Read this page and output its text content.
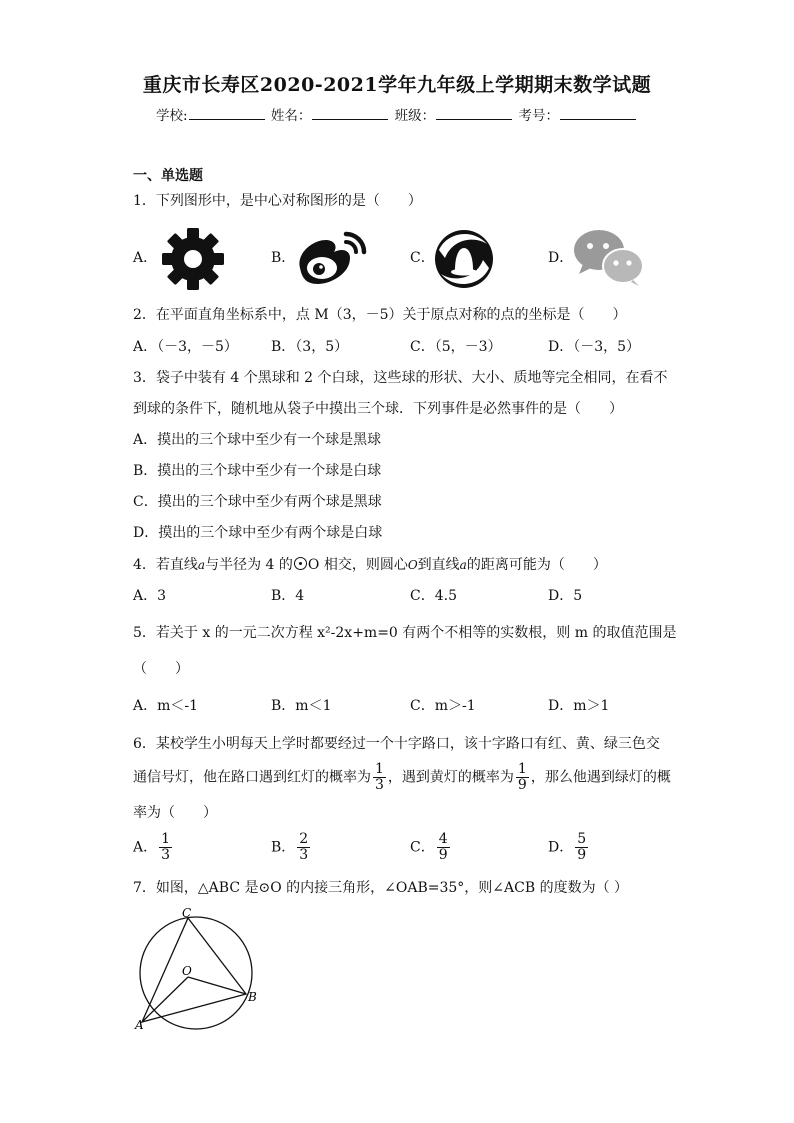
重庆市长寿区2020-2021学年九年级上学期期末数学试题
学校:	姓名：	班级：	考号：
一、单选题
1．下列图形中，是中心对称图形的是（　　）
A．	B．	C．	D．
2．在平面直角坐标系中，点 M（3，－5）关于原点对称的点的坐标是（　　）
A．（－3，－5） B．（3，5）	C．（5，－3）	D．（－3，5）
3．袋子中装有 4 个黑球和 2 个白球，这些球的形状、大小、质地等完全相同，在看不
到球的条件下，随机地从袋子中摸出三个球．下列事件是必然事件的是（　　）
A．摸出的三个球中至少有一个球是黑球
B．摸出的三个球中至少有一个球是白球
C．摸出的三个球中至少有两个球是黑球
D．摸出的三个球中至少有两个球是白球
4．若直线a与半径为 4 的 O 相交，则圆心O到直线a的距离可能为（　　）
A．3	B．4	C．4.5	D．5
5．若关于 x 的一元二次方程 x²-2x+m=0 有两个不相等的实数根，则 m 的取值范围是
（　　）
A．m＜-1	B．m＜1	C．m＞-1	D．m＞1
6．某校学生小明每天上学时都要经过一个十字路口，该十字路口有红、黄、绿三色交
通信号灯，他在路口遇到红灯的概率为 $\frac{1}{3}$ ，遇到黄灯的概率为 $\frac{1}{9}$ ，那么他遇到绿灯的概
率为（　　）
A． $\frac{1}{3}$	B． $\frac{2}{3}$	C． $\frac{4}{9}$	D． $\frac{5}{9}$
7．如图，△ABC 是⊙O 的内接三角形，∠OAB=35°，则∠ACB 的度数为（ ）
C
O
B
A
